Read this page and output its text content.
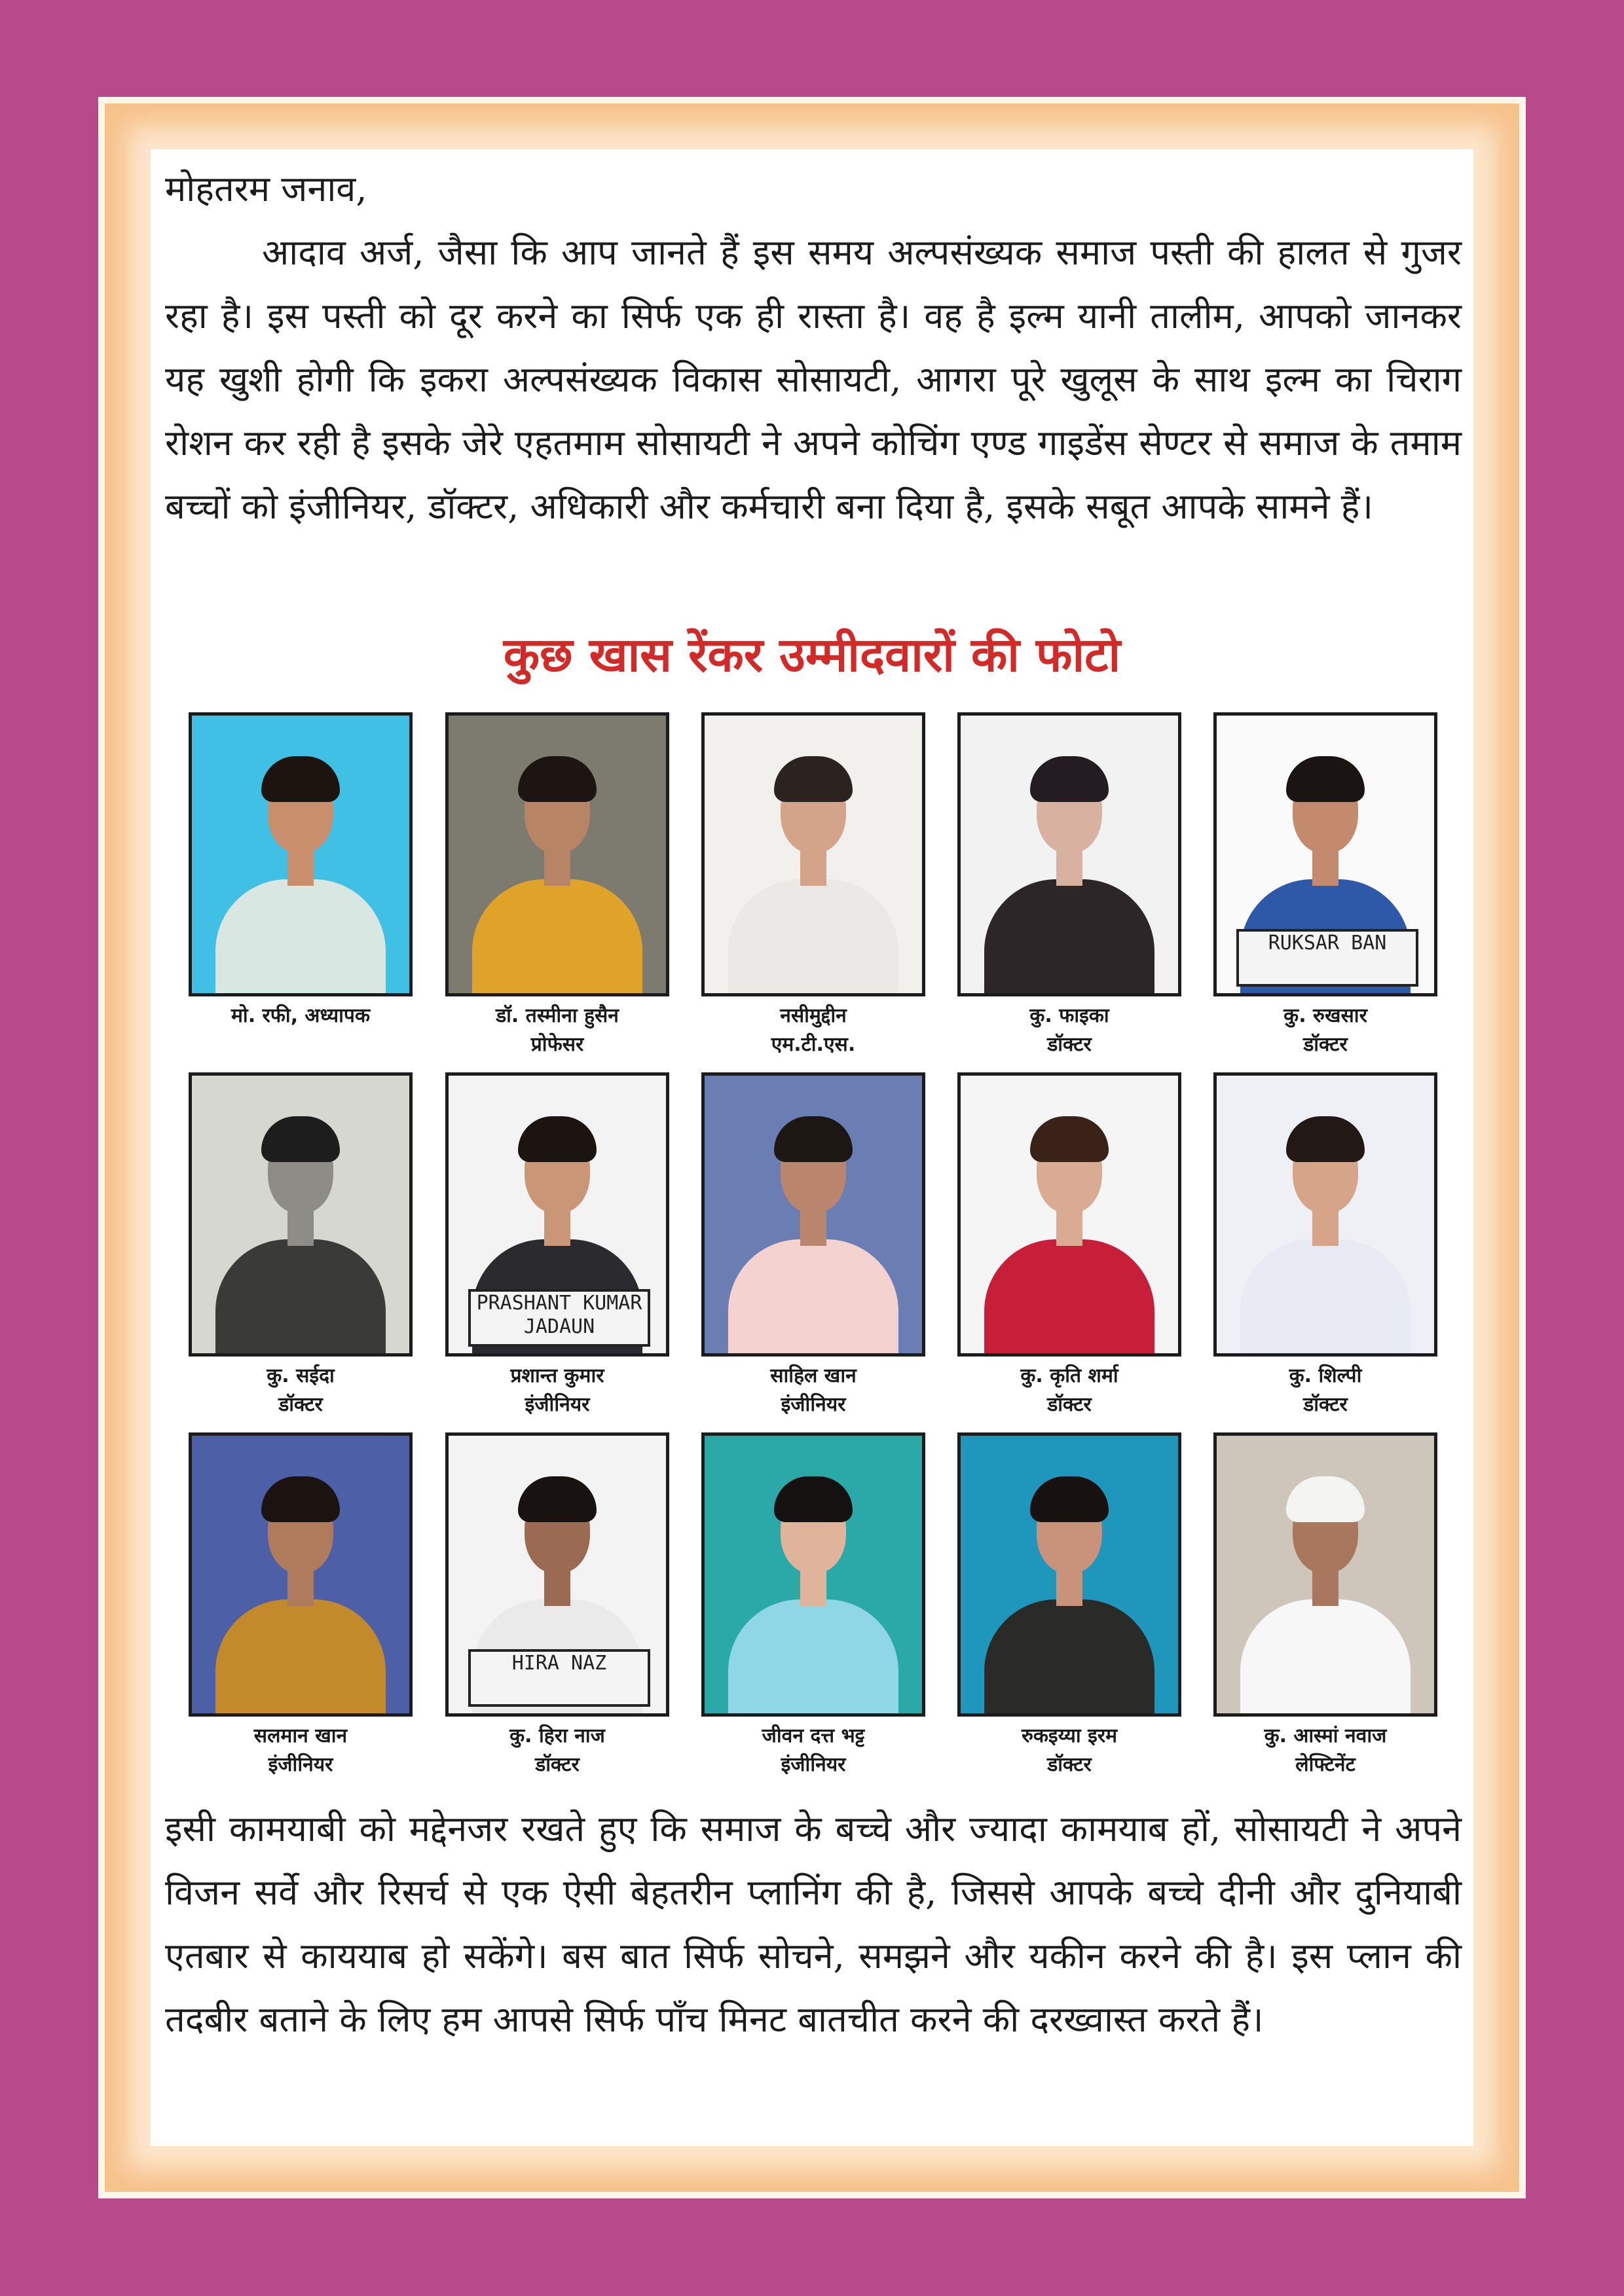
मोहतरम जनाव,

आदाव अर्ज, जैसा कि आप जानते हैं इस समय अल्पसंख्यक समाज पस्ती की हालत से गुजर रहा है। इस पस्ती को दूर करने का सिर्फ एक ही रास्ता है। वह है इल्म यानी तालीम, आपको जानकर यह खुशी होगी कि इकरा अल्पसंख्यक विकास सोसायटी, आगरा पूरे खुलूस के साथ इल्म का चिराग रोशन कर रही है इसके जेरे एहतमाम सोसायटी ने अपने कोचिंग एण्ड गाइडेंस सेण्टर से समाज के तमाम बच्चों को इंजीनियर, डॉक्टर, अधिकारी और कर्मचारी बना दिया है, इसके सबूत आपके सामने हैं।

कुछ खास रेंकर उम्मीदवारों की फोटो
मो. रफी, अध्यापक	डॉ. तस्मीना हुसैन
प्रोफेसर
नसीमुद्दीन
एम.टी.एस.
कु. फाइका
डॉक्टर
RUKSAR BAN
कु. रुखसार
डॉक्टर
कु. सईदा
डॉक्टर
PRASHANT KUMAR JADAUN
प्रशान्त कुमार
इंजीनियर
साहिल खान
इंजीनियर
कु. कृति शर्मा
डॉक्टर
कु. शिल्पी
डॉक्टर
सलमान खान
इंजीनियर
HIRA NAZ
कु. हिरा नाज
डॉक्टर
जीवन दत्त भट्ट
इंजीनियर
रुकइय्या इरम
डॉक्टर
कु. आस्मां नवाज
लेफ्टिनेंट

इसी कामयाबी को मद्देनजर रखते हुए कि समाज के बच्चे और ज्यादा कामयाब हों, सोसायटी ने अपने विजन सर्वे और रिसर्च से एक ऐसी बेहतरीन प्लानिंग की है, जिससे आपके बच्चे दीनी और दुनियाबी एतबार से काययाब हो सकेंगे। बस बात सिर्फ सोचने, समझने और यकीन करने की है। इस प्लान की तदबीर बताने के लिए हम आपसे सिर्फ पाँच मिनट बातचीत करने की दरख्वास्त करते हैं।
